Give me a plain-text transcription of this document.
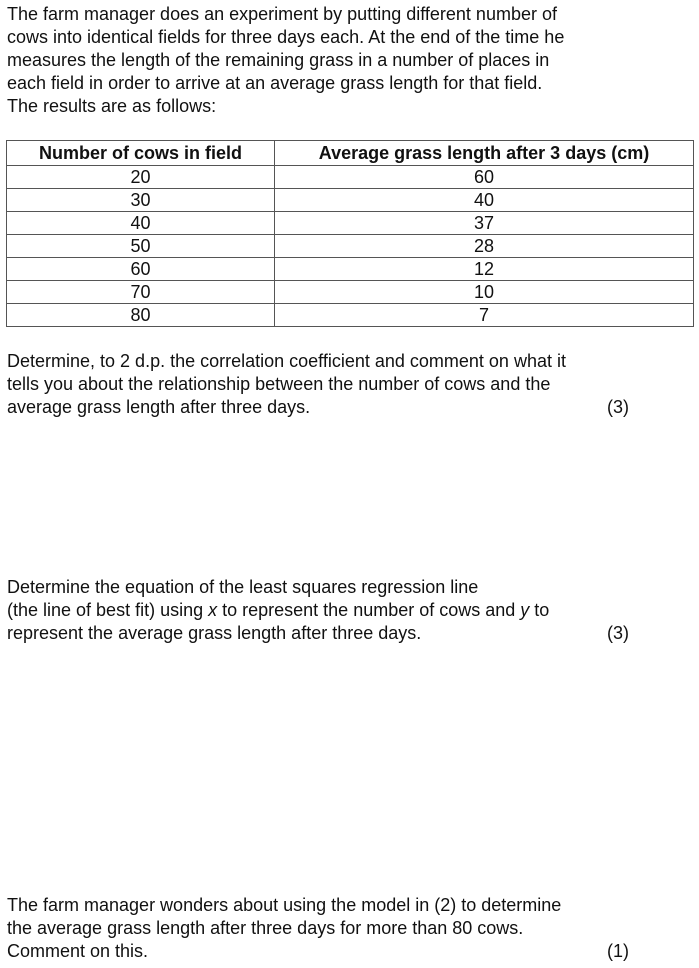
The farm manager does an experiment by putting different number of
cows into identical fields for three days each. At the end of the time he
measures the length of the remaining grass in a number of places in
each field in order to arrive at an average grass length for that field.
The results are as follows:
Number of cows in field	Average grass length after 3 days (cm)
20	60
30	40
40	37
50	28
60	12
70	10
80	7
Determine, to 2 d.p. the correlation coefficient and comment on what it
tells you about the relationship between the number of cows and the
average grass length after three days.	(3)
Determine the equation of the least squares regression line
(the line of best fit) using x to represent the number of cows and y to
represent the average grass length after three days.	(3)
The farm manager wonders about using the model in (2) to determine
the average grass length after three days for more than 80 cows.
Comment on this.	(1)
